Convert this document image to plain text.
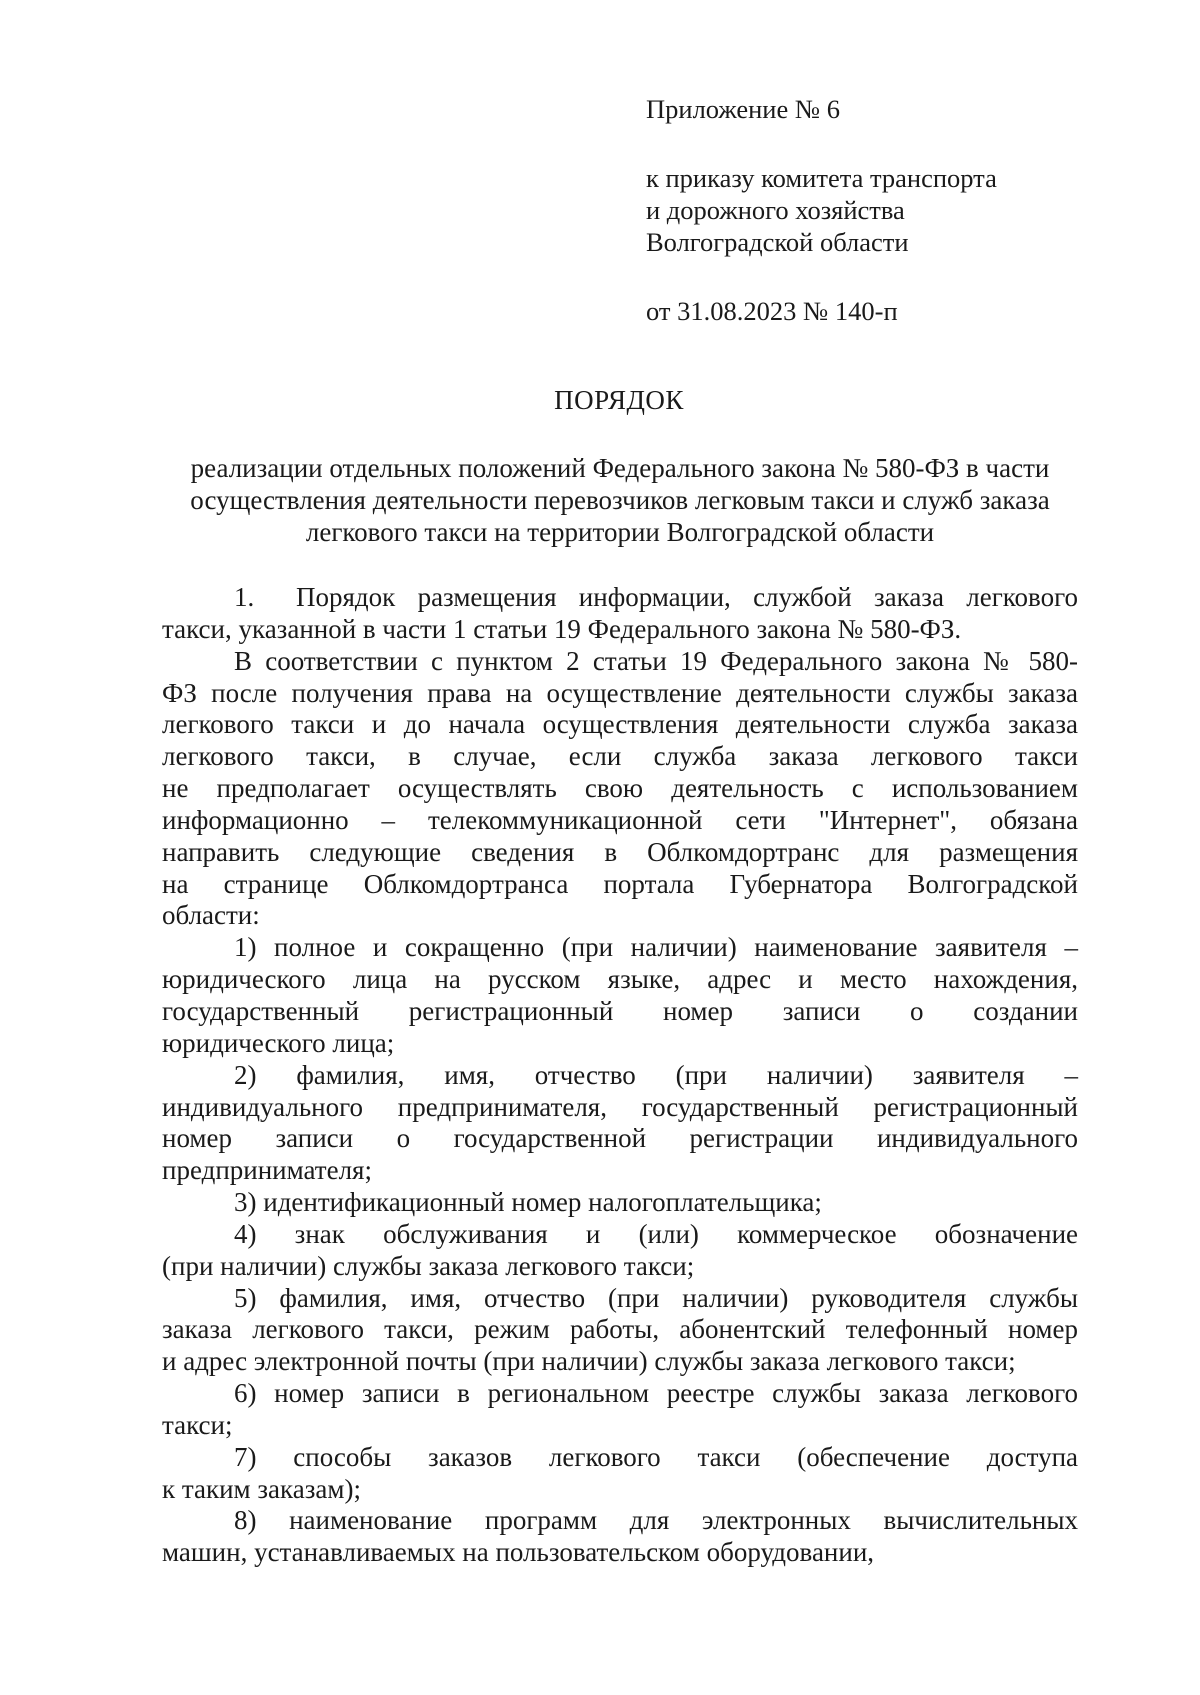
Приложение № 6
к приказу комитета транспорта
и дорожного хозяйства
Волгоградской области
от 31.08.2023 № 140-п
ПОРЯДОК
реализации отдельных положений Федерального закона № 580-ФЗ в части
осуществления деятельности перевозчиков легковым такси и служб заказа
легкового такси на территории Волгоградской области

1. Порядок размещения информации, службой заказа легкового

такси, указанной в части 1 статьи 19 Федерального закона № 580-ФЗ.

В соответствии с пунктом 2 статьи 19 Федерального закона № 580-

ФЗ после получения права на осуществление деятельности службы заказа

легкового такси и до начала осуществления деятельности служба заказа

легкового такси, в случае, если служба заказа легкового такси

не предполагает осуществлять свою деятельность с использованием

информационно – телекоммуникационной сети "Интернет", обязана

направить следующие сведения в Облкомдортранс для размещения

на странице Облкомдортранса портала Губернатора Волгоградской

области:

1) полное и сокращенно (при наличии) наименование заявителя –

юридического лица на русском языке, адрес и место нахождения,

государственный регистрационный номер записи о создании

юридического лица;

2) фамилия, имя, отчество (при наличии) заявителя –

индивидуального предпринимателя, государственный регистрационный

номер записи о государственной регистрации индивидуального

предпринимателя;

3) идентификационный номер налогоплательщика;

4) знак обслуживания и (или) коммерческое обозначение

(при наличии) службы заказа легкового такси;

5) фамилия, имя, отчество (при наличии) руководителя службы

заказа легкового такси, режим работы, абонентский телефонный номер

и адрес электронной почты (при наличии) службы заказа легкового такси;

6) номер записи в региональном реестре службы заказа легкового

такси;

7) способы заказов легкового такси (обеспечение доступа

к таким заказам);

8) наименование программ для электронных вычислительных

машин, устанавливаемых на пользовательском оборудовании,
